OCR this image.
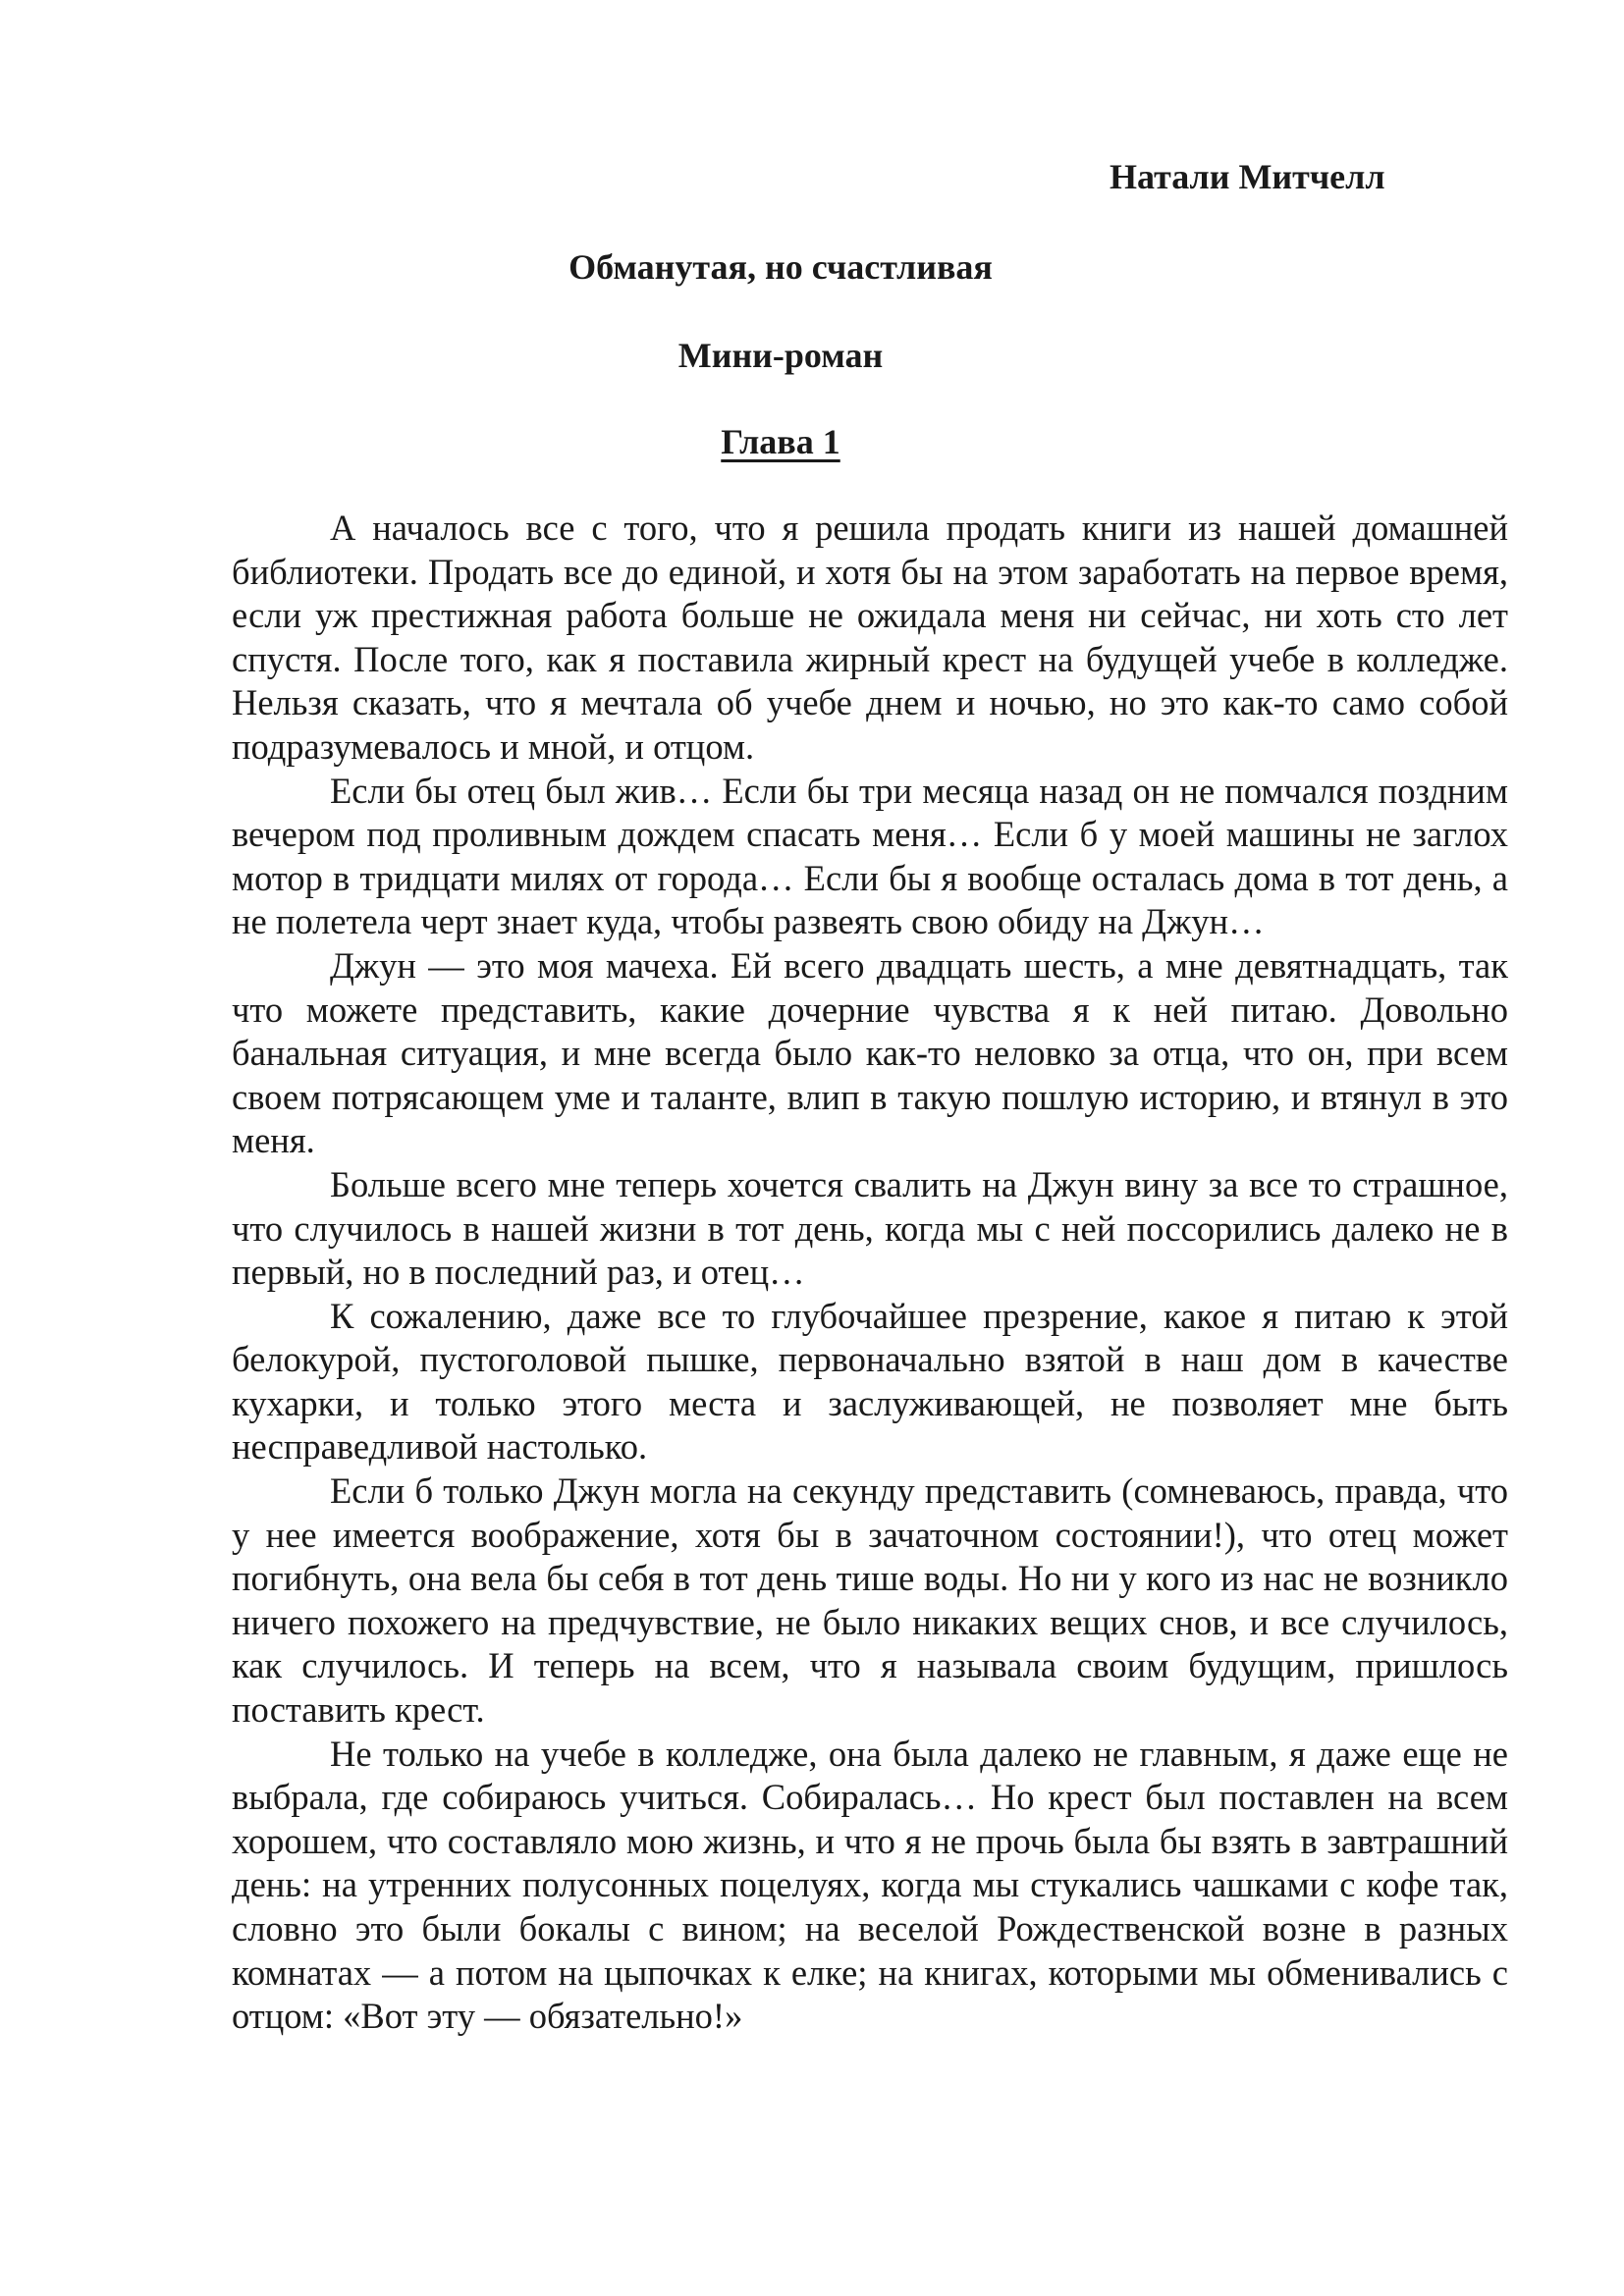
Натали Митчелл
Обманутая, но счастливая
Мини-роман
Глава 1

А началось все с того, что я решила продать книги из нашей домашней библиотеки. Продать все до единой, и хотя бы на этом заработать на первое время, если уж престижная работа больше не ожидала меня ни сейчас, ни хоть сто лет спустя. После того, как я поставила жирный крест на будущей учебе в колледже. Нельзя сказать, что я мечтала об учебе днем и ночью, но это как-то само собой подразумевалось и мной, и отцом.

Если бы отец был жив… Если бы три месяца назад он не помчался поздним вечером под проливным дождем спасать меня… Если б у моей машины не заглох мотор в тридцати милях от города… Если бы я вообще осталась дома в тот день, а не полетела черт знает куда, чтобы развеять свою обиду на Джун…

Джун — это моя мачеха. Ей всего двадцать шесть, а мне девятнадцать, так что можете представить, какие дочерние чувства я к ней питаю. Довольно банальная ситуация, и мне всегда было как-то неловко за отца, что он, при всем своем потрясающем уме и таланте, влип в такую пошлую историю, и втянул в это меня.

Больше всего мне теперь хочется свалить на Джун вину за все то страшное, что случилось в нашей жизни в тот день, когда мы с ней поссорились далеко не в первый, но в последний раз, и отец…

К сожалению, даже все то глубочайшее презрение, какое я питаю к этой белокурой, пустоголовой пышке, первоначально взятой в наш дом в качестве кухарки, и только этого места и заслуживающей, не позволяет мне быть несправедливой настолько.

Если б только Джун могла на секунду представить (сомневаюсь, правда, что у нее имеется воображение, хотя бы в зачаточном состоянии!), что отец может погибнуть, она вела бы себя в тот день тише воды. Но ни у кого из нас не возникло ничего похожего на предчувствие, не было никаких вещих снов, и все случилось, как случилось. И теперь на всем, что я называла своим будущим, пришлось поставить крест.

Не только на учебе в колледже, она была далеко не главным, я даже еще не выбрала, где собираюсь учиться. Собиралась… Но крест был поставлен на всем хорошем, что составляло мою жизнь, и что я не прочь была бы взять в завтрашний день: на утренних полусонных поцелуях, когда мы стукались чашками с кофе так, словно это были бокалы с вином; на веселой Рождественской возне в разных комнатах — а потом на цыпочках к елке; на книгах, которыми мы обменивались с отцом: «Вот эту — обязательно!»
